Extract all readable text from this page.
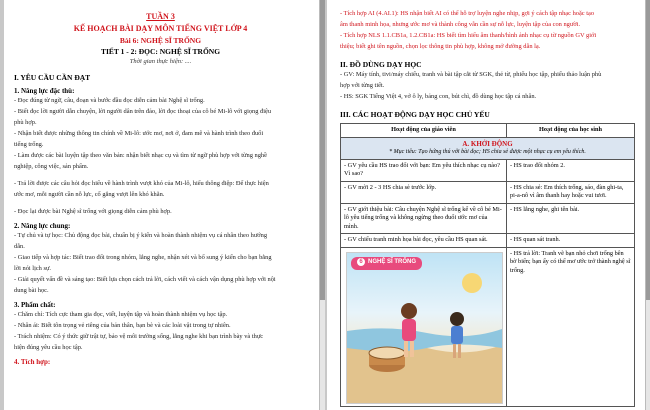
TUẦN 3
KẾ HOẠCH BÀI DẠY MÔN TIẾNG VIỆT LỚP 4
Bài 6: NGHỆ SĨ TRỐNG
TIẾT 1 - 2: ĐỌC: NGHỆ SĨ TRỐNG
Thời gian thực hiện: ....
I. YÊU CẦU CẦN ĐẠT
1. Năng lực đặc thù:
- Đọc đúng từ ngữ, câu, đoạn và bước đầu đọc diễn cảm bài Nghệ sĩ trống.
- Biết đọc lời người dẫn chuyện, lời người dân trên đảo, lời đọc thoại của cô bé Mi-lô với giọng điệu
phù hợp.
- Nhận biết được những thông tin chính về Mi-lô: ước mơ, nơi ở, đam mê và hành trình theo đuổi
tiếng trống.
- Làm được các bài luyện tập theo văn bản: nhận biết nhạc cụ và tìm từ ngữ phù hợp với từng nghề
nghiệp, công việc, sản phẩm.
- Trả lời được các câu hỏi đọc hiểu về hành trình vượt khó của Mi-lô, hiểu thông điệp: Để thực hiện
ước mơ, mỗi người cần nỗ lực, cố gắng vượt lên khó khăn.
- Đọc lại được bài Nghệ sĩ trống với giọng diễn cảm phù hợp.
2. Năng lực chung:
- Tự chủ và tự học: Chủ động đọc bài, chuẩn bị ý kiến và hoàn thành nhiệm vụ cá nhân theo hướng
dẫn.
- Giao tiếp và hợp tác: Biết trao đổi trong nhóm, lắng nghe, nhận xét và bổ sung ý kiến cho bạn bằng
lời nói lịch sự.
- Giải quyết vấn đề và sáng tạo: Biết lựa chọn cách trả lời, cách viết và cách vận dụng phù hợp với nội
dung bài học.
3. Phẩm chất:
- Chăm chỉ: Tích cực tham gia đọc, viết, luyện tập và hoàn thành nhiệm vụ học tập.
- Nhân ái: Biết tôn trọng vẻ riêng của bản thân, bạn bè và các loài vật trong tự nhiên.
- Trách nhiệm: Có ý thức giữ trật tự, bảo vệ môi trường sống, lắng nghe khi bạn trình bày và thực
hiện đúng yêu cầu học tập.
4. Tích hợp:
- Tích hợp AI (4.AI.1): HS nhận biết AI có thể hỗ trợ luyện nghe nhịp, gợi ý cách tập nhạc hoặc tạo
âm thanh minh họa, nhưng ước mơ và thành công vẫn cần sự nỗ lực, luyện tập của con người.
- Tích hợp NLS 1.1.CB1a, 1.2.CB1a: HS biết tìm hiểu âm thanh/hình ảnh nhạc cụ từ nguồn GV giới
thiệu; biết ghi tên nguồn, chọn lọc thông tin phù hợp, không mở đường dẫn lạ.
II. ĐỒ DÙNG DẠY HỌC
- GV: Máy tính, tivi/máy chiếu, tranh và bài tập cắt từ SGK, thẻ từ, phiếu học tập, phiếu thảo luận phù
hợp với từng tiết.
- HS: SGK Tiếng Việt 4, vở ô ly, bảng con, bút chì, đồ dùng học tập cá nhân.
III. CÁC HOẠT ĐỘNG DẠY HỌC CHỦ YẾU
Hoạt động của giáo viên	Hoạt động của học sinh

A. KHỞI ĐỘNG
* Mục tiêu: Tạo hứng thú với bài đọc; HS chia sẻ được một nhạc cụ em yêu thích.	

- GV yêu cầu HS trao đổi với bạn: Em yêu thích nhạc cụ nào? Vì sao?	- HS trao đổi nhóm 2.
- GV mời 2 - 3 HS chia sẻ trước lớp.	- HS chia sẻ: Em thích trống, sáo, đàn ghi-ta, pi-a-nô vì âm thanh hay hoặc vui tươi.
- GV giới thiệu bài: Câu chuyện Nghệ sĩ trống kể về cô bé Mi-lô yêu tiếng trống và không ngừng theo đuổi ước mơ của mình.	- HS lắng nghe, ghi tên bài.
- GV chiếu tranh minh họa bài đọc, yêu cầu HS quan sát.	- HS quan sát tranh.

6 NGHỆ SĨ TRỐNG	- HS trả lời: Tranh vẽ bạn nhỏ chơi trống bên bờ biển; bạn ấy có thể mơ ước trở thành nghệ sĩ trống.
